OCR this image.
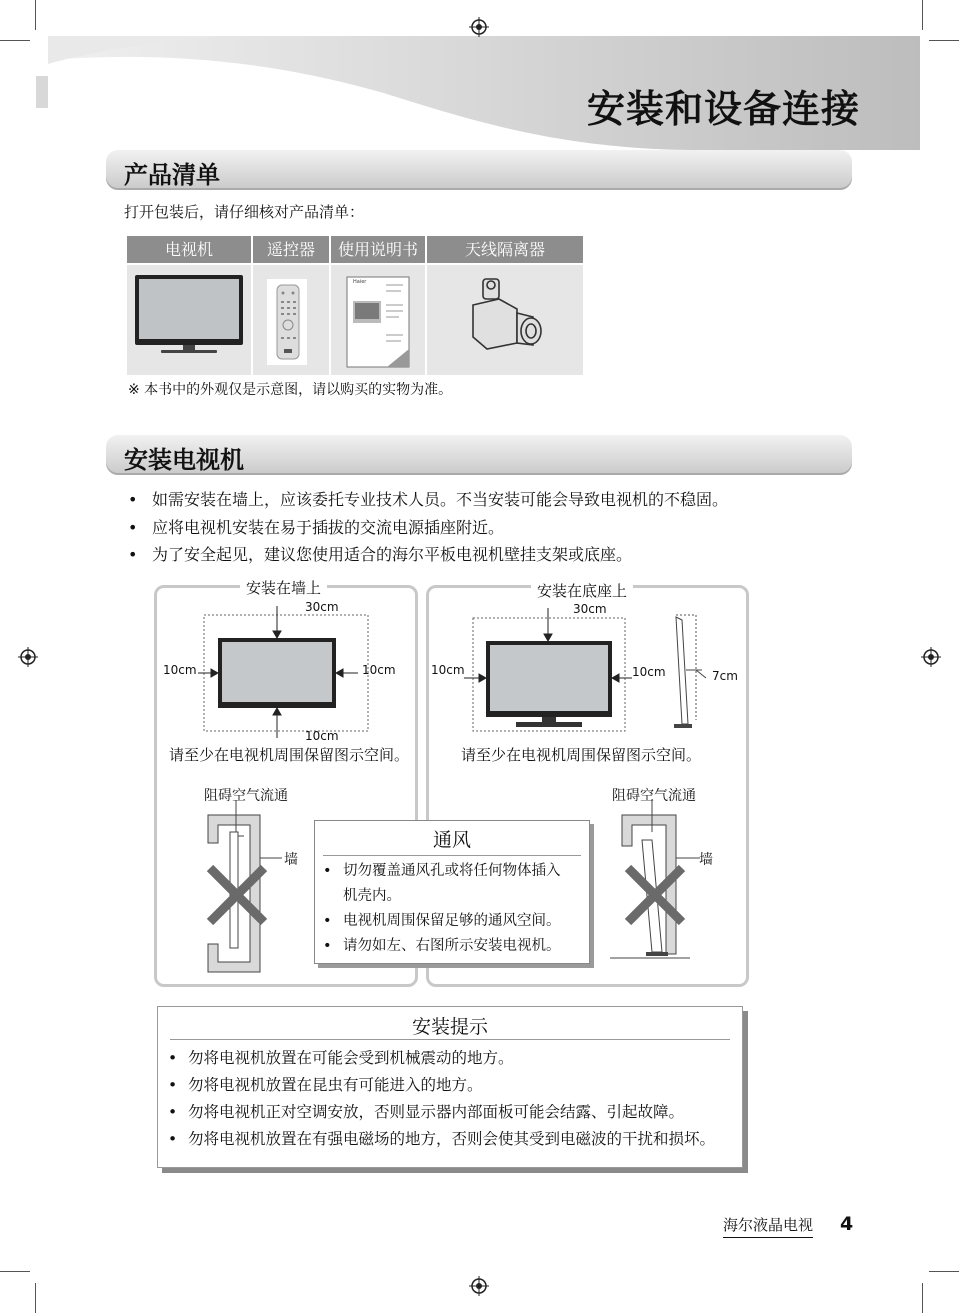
安装和设备连接
产品清单
打开包装后，请仔细核对产品清单：
电视机	遥控器	使用说明书	天线隔离器
Haier
※ 本书中的外观仅是示意图，请以购买的实物为准。
安装电视机
• 如需安装在墙上，应该委托专业技术人员。不当安装可能会导致电视机的不稳固。
• 应将电视机安装在易于插拔的交流电源插座附近。
• 为了安全起见，建议您使用适合的海尔平板电视机壁挂支架或底座。
安装在墙上
30cm
10cm	10cm
10cm
请至少在电视机周围保留图示空间。
阻碍空气流通
墙
安装在底座上
30cm
10cm	10cm	7cm
请至少在电视机周围保留图示空间。
阻碍空气流通
墙
通风
• 切勿覆盖通风孔或将任何物体插入
机壳内。
• 电视机周围保留足够的通风空间。
• 请勿如左、右图所示安装电视机。
安装提示
• 勿将电视机放置在可能会受到机械震动的地方。
• 勿将电视机放置在昆虫有可能进入的地方。
• 勿将电视机正对空调安放，否则显示器内部面板可能会结露、引起故障。
• 勿将电视机放置在有强电磁场的地方，否则会使其受到电磁波的干扰和损坏。
海尔液晶电视 4
